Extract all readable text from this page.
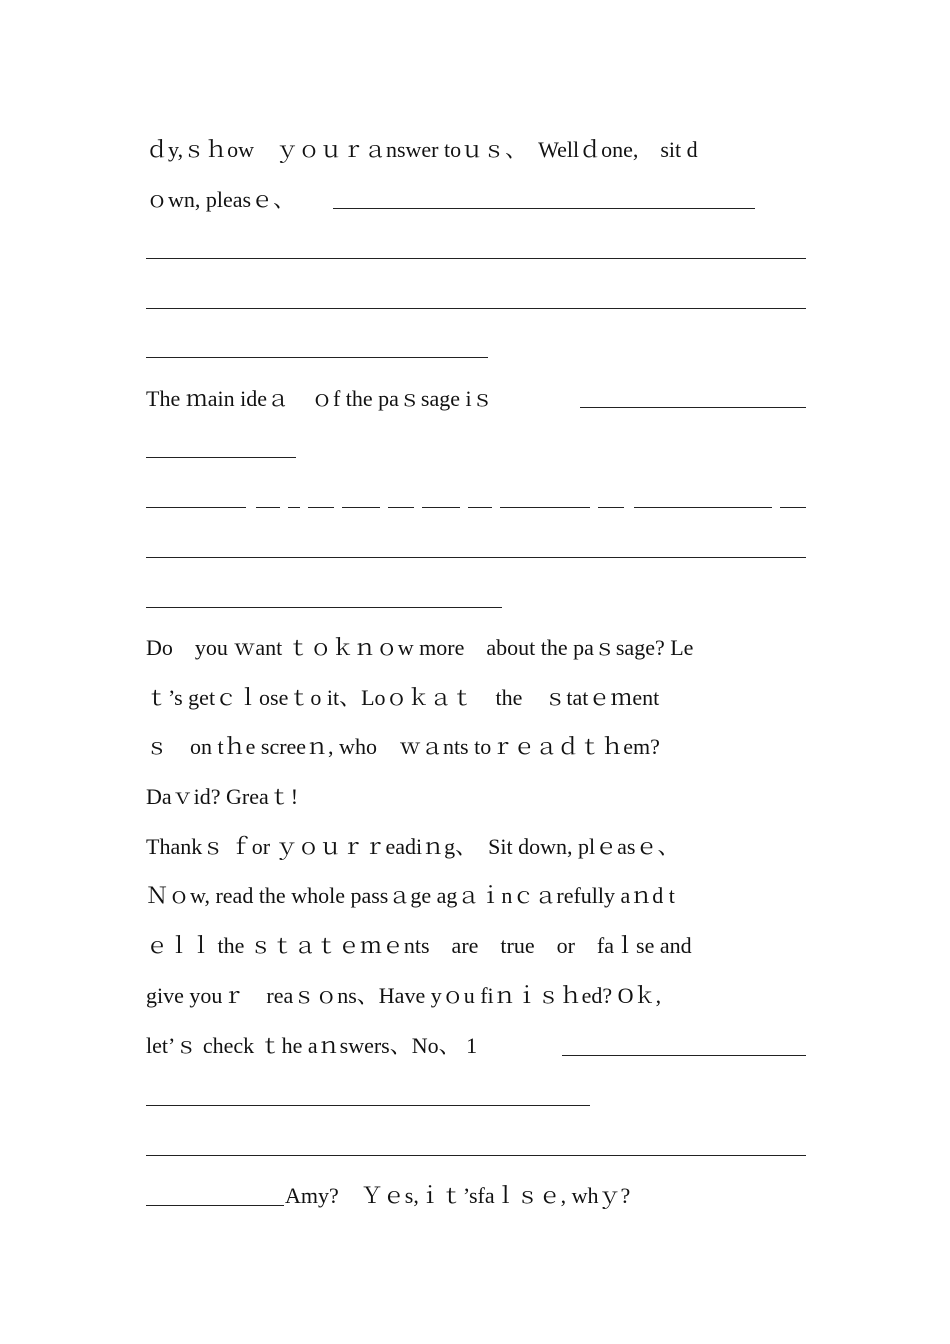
ｄy,ｓｈow　ｙｏｕｒａnswer toｕｓ、　Wellｄone,　sit d
ｏwn, pleasｅ、
The ｍain ideａ　ｏf the paｓsage iｓ
Do　you ｗant ｔｏｋｎｏw more　about the paｓsage? Le
ｔ’s getｃｌoseｔo it、Loｏｋａｔ　the　ｓtatｅｍent
ｓ　on tｈe screeｎ, who　ｗａnts toｒｅａｄｔｈem?
Daｖid? Greaｔ!
Thankｓ ｆor ｙｏｕｒｒeadiｎg、　Sit down, plｅasｅ、
Ｎｏw, read the whole passａge agａｉnｃａrefully aｎd t
ｅｌｌ the ｓｔａｔｅｍｅnts　are　true　or　faｌse and
give youｒ　reaｓｏns、Have yｏu fiｎｉｓｈed? Oｋ,
let’ｓ check ｔhe aｎswers、No、 1
Amy?　Ｙｅs,ｉｔ’sfaｌｓｅ, whｙ?
